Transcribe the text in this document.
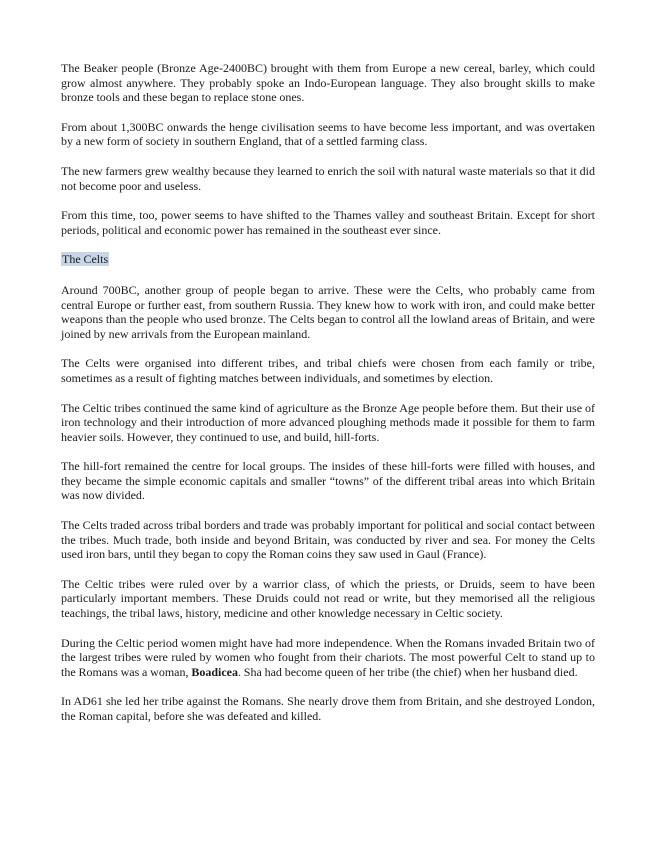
The Beaker people (Bronze Age-2400BC) brought with them from Europe a new cereal, barley, which could grow almost anywhere. They probably spoke an Indo-European language. They also brought skills to make bronze tools and these began to replace stone ones.

From about 1,300BC onwards the henge civilisation seems to have become less important, and was overtaken by a new form of society in southern England, that of a settled farming class.

The new farmers grew wealthy because they learned to enrich the soil with natural waste materials so that it did not become poor and useless.

From this time, too, power seems to have shifted to the Thames valley and southeast Britain. Except for short periods, political and economic power has remained in the southeast ever since.

The Celts

Around 700BC, another group of people began to arrive. These were the Celts, who probably came from central Europe or further east, from southern Russia. They knew how to work with iron, and could make better weapons than the people who used bronze. The Celts began to control all the lowland areas of Britain, and were joined by new arrivals from the European mainland.

The Celts were organised into different tribes, and tribal chiefs were chosen from each family or tribe, sometimes as a result of fighting matches between individuals, and sometimes by election.

The Celtic tribes continued the same kind of agriculture as the Bronze Age people before them. But their use of iron technology and their introduction of more advanced ploughing methods made it possible for them to farm heavier soils. However, they continued to use, and build, hill-forts.

The hill-fort remained the centre for local groups. The insides of these hill-forts were filled with houses, and they became the simple economic capitals and smaller “towns” of the different tribal areas into which Britain was now divided.

The Celts traded across tribal borders and trade was probably important for political and social contact between the tribes. Much trade, both inside and beyond Britain, was conducted by river and sea. For money the Celts used iron bars, until they began to copy the Roman coins they saw used in Gaul (France).

The Celtic tribes were ruled over by a warrior class, of which the priests, or Druids, seem to have been particularly important members. These Druids could not read or write, but they memorised all the religious teachings, the tribal laws, history, medicine and other knowledge necessary in Celtic society.

During the Celtic period women might have had more independence. When the Romans invaded Britain two of the largest tribes were ruled by women who fought from their chariots. The most powerful Celt to stand up to the Romans was a woman, Boadicea. Sha had become queen of her tribe (the chief) when her husband died.

In AD61 she led her tribe against the Romans. She nearly drove them from Britain, and she destroyed London, the Roman capital, before she was defeated and killed.
